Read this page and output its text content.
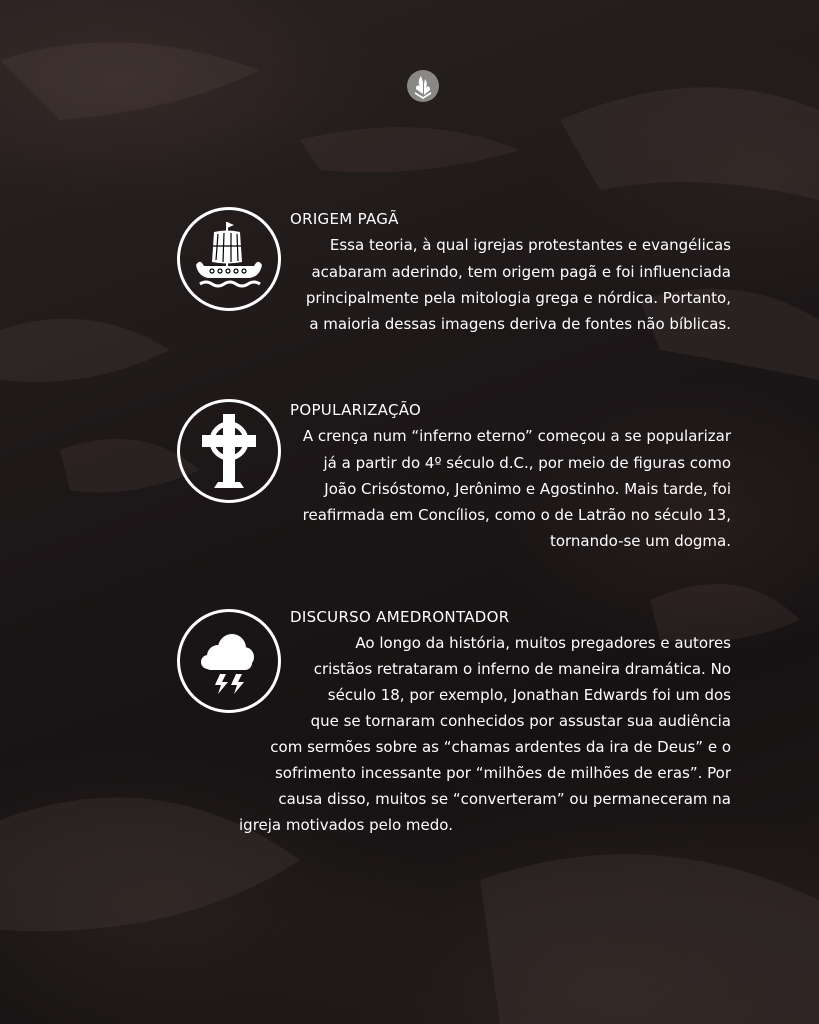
ORIGEM PAGÃ

Essa teoria, à qual igrejas protestantes e evangélicas

acabaram aderindo, tem origem pagã e foi influenciada

principalmente pela mitologia grega e nórdica. Portanto,

a maioria dessas imagens deriva de fontes não bíblicas.

POPULARIZAÇÃO

A crença num “inferno eterno” começou a se popularizar

já a partir do 4º século d.C., por meio de figuras como

João Crisóstomo, Jerônimo e Agostinho. Mais tarde, foi

reafirmada em Concílios, como o de Latrão no século 13,

tornando-se um dogma.

DISCURSO AMEDRONTADOR

Ao longo da história, muitos pregadores e autores

cristãos retrataram o inferno de maneira dramática. No

século 18, por exemplo, Jonathan Edwards foi um dos

que se tornaram conhecidos por assustar sua audiência

com sermões sobre as “chamas ardentes da ira de Deus” e o

sofrimento incessante por “milhões de milhões de eras”. Por

causa disso, muitos se “converteram” ou permaneceram na

igreja motivados pelo medo.
